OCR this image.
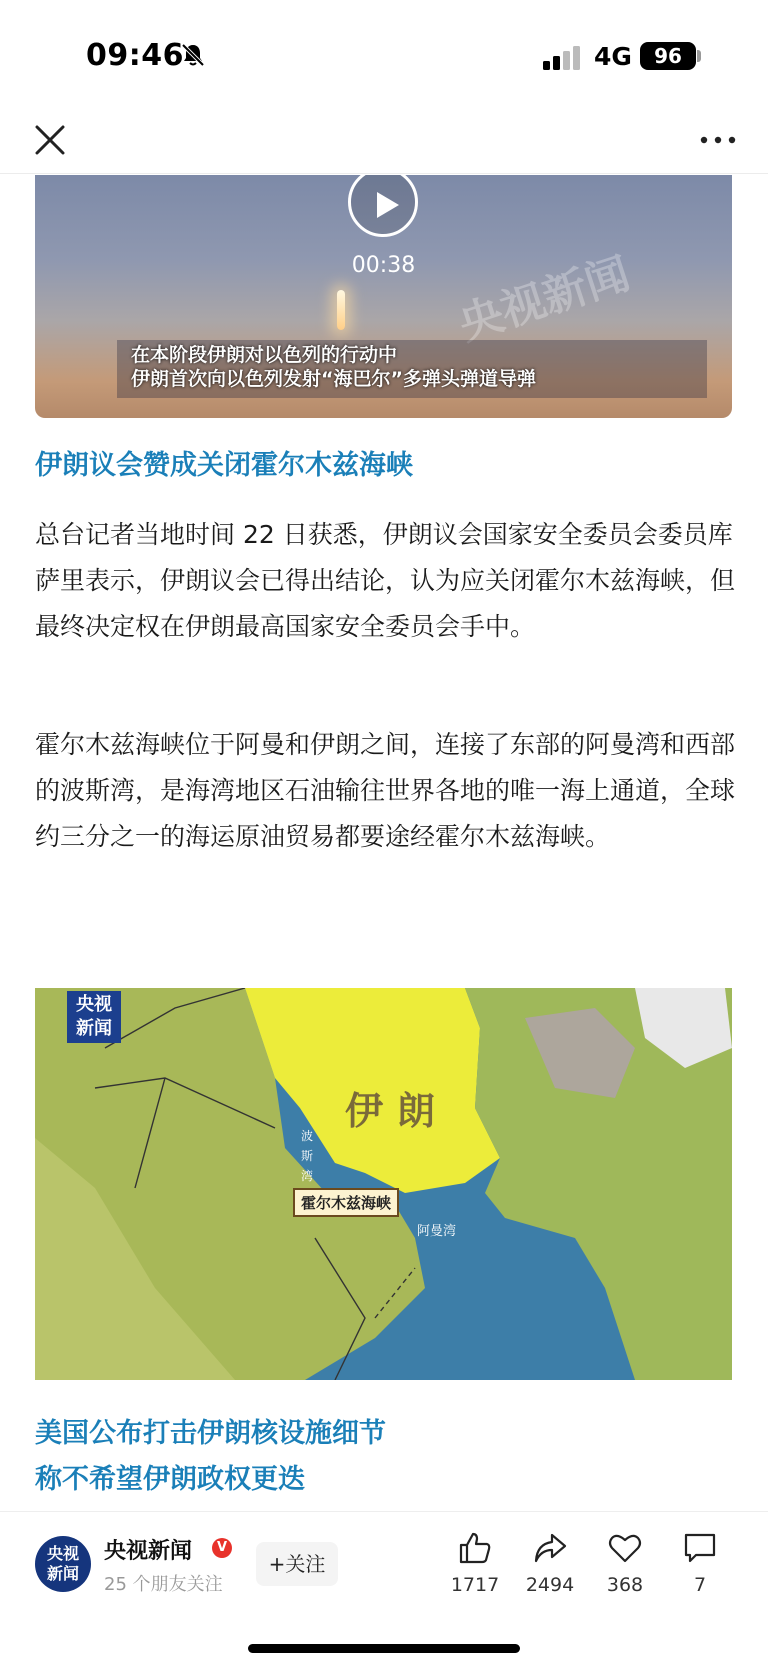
09:46	4G	96
央视新闻
00:38
在本阶段伊朗对以色列的行动中
伊朗首次向以色列发射“海巴尔”多弹头弹道导弹
伊朗议会赞成关闭霍尔木兹海峡

总台记者当地时间 22 日获悉，伊朗议会国家安全委员会委员库萨里表示，伊朗议会已得出结论，认为应关闭霍尔木兹海峡，但最终决定权在伊朗最高国家安全委员会手中。

霍尔木兹海峡位于阿曼和伊朗之间，连接了东部的阿曼湾和西部的波斯湾，是海湾地区石油输往世界各地的唯一海上通道，全球约三分之一的海运原油贸易都要途经霍尔木兹海峡。

央视
新闻
伊朗
波斯湾
霍尔木兹海峡
阿曼湾
美国公布打击伊朗核设施细节
称不希望伊朗政权更迭
央视
新闻
央视新闻	V
25 个朋友关注
+关注
1717	2494	368	7
